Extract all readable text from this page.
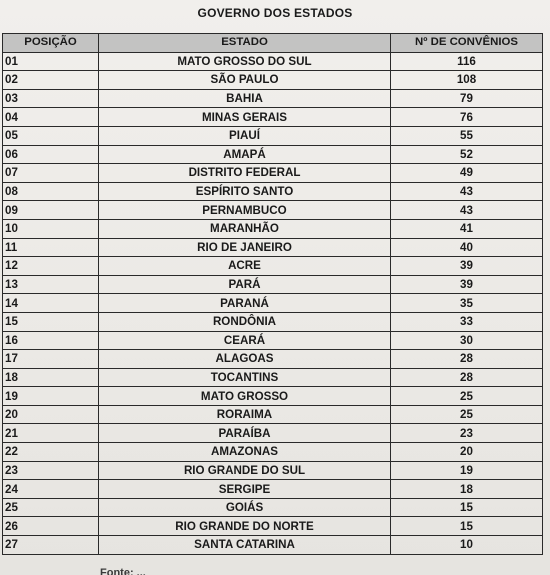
GOVERNO DOS ESTADOS
POSIÇÃO	ESTADO	Nº DE CONVÊNIOS
01	MATO GROSSO DO SUL	116
02	SÃO PAULO	108
03	BAHIA	79
04	MINAS GERAIS	76
05	PIAUÍ	55
06	AMAPÁ	52
07	DISTRITO FEDERAL	49
08	ESPÍRITO SANTO	43
09	PERNAMBUCO	43
10	MARANHÃO	41
11	RIO DE JANEIRO	40
12	ACRE	39
13	PARÁ	39
14	PARANÁ	35
15	RONDÔNIA	33
16	CEARÁ	30
17	ALAGOAS	28
18	TOCANTINS	28
19	MATO GROSSO	25
20	RORAIMA	25
21	PARAÍBA	23
22	AMAZONAS	20
23	RIO GRANDE DO SUL	19
24	SERGIPE	18
25	GOIÁS	15
26	RIO GRANDE DO NORTE	15
27	SANTA CATARINA	10
Fonte: ...
